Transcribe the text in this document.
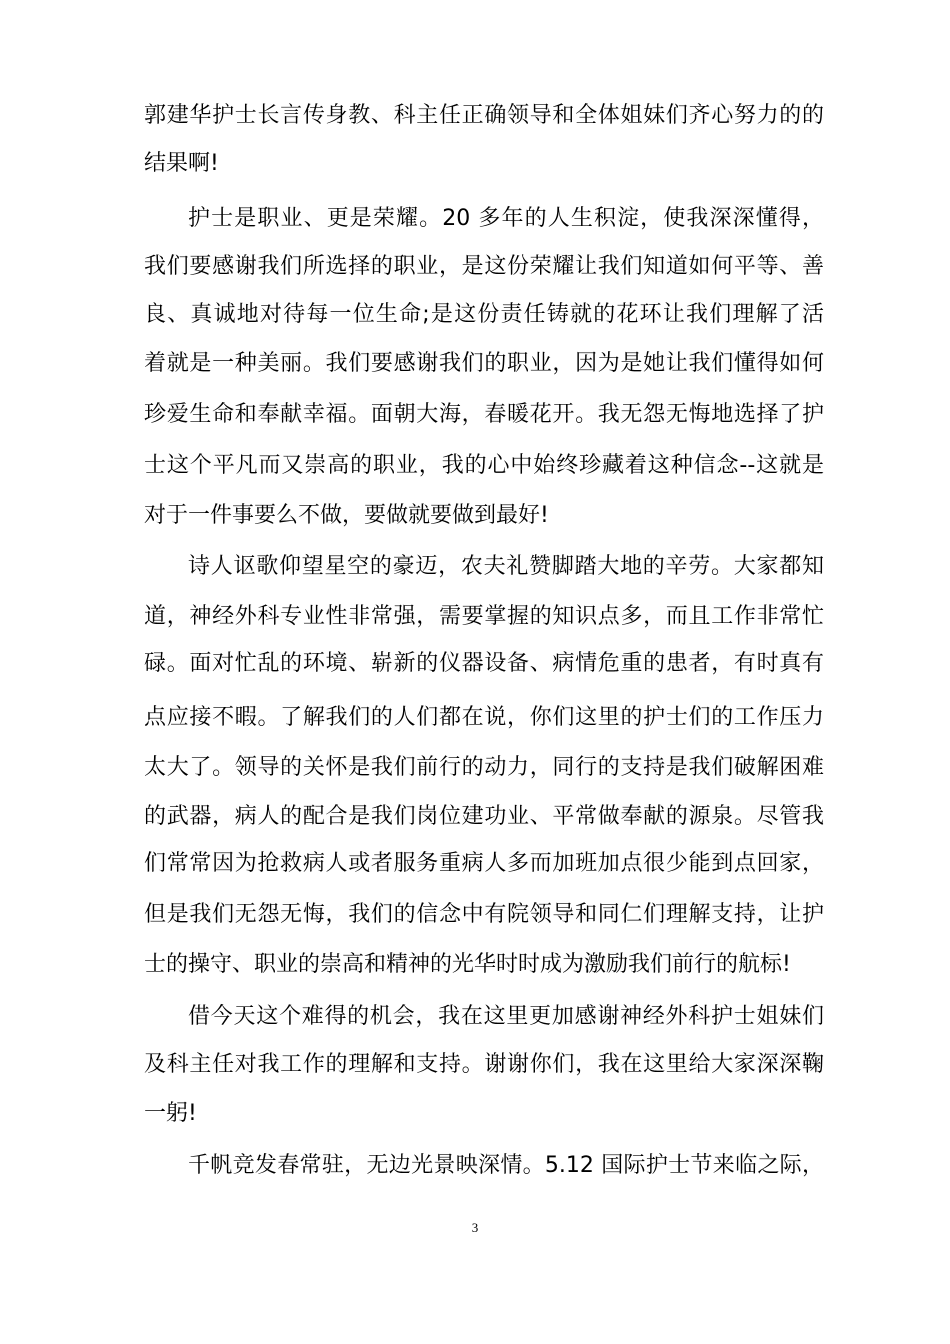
郭建华护士长言传身教、科主任正确领导和全体姐妹们齐心努力的的
结果啊!
护士是职业、更是荣耀。20 多年的人生积淀，使我深深懂得，
我们要感谢我们所选择的职业，是这份荣耀让我们知道如何平等、善
良、真诚地对待每一位生命;是这份责任铸就的花环让我们理解了活
着就是一种美丽。我们要感谢我们的职业，因为是她让我们懂得如何
珍爱生命和奉献幸福。面朝大海，春暖花开。我无怨无悔地选择了护
士这个平凡而又崇高的职业，我的心中始终珍藏着这种信念--这就是
对于一件事要么不做，要做就要做到最好!
诗人讴歌仰望星空的豪迈，农夫礼赞脚踏大地的辛劳。大家都知
道，神经外科专业性非常强，需要掌握的知识点多，而且工作非常忙
碌。面对忙乱的环境、崭新的仪器设备、病情危重的患者，有时真有
点应接不暇。了解我们的人们都在说，你们这里的护士们的工作压力
太大了。领导的关怀是我们前行的动力，同行的支持是我们破解困难
的武器，病人的配合是我们岗位建功业、平常做奉献的源泉。尽管我
们常常因为抢救病人或者服务重病人多而加班加点很少能到点回家，
但是我们无怨无悔，我们的信念中有院领导和同仁们理解支持，让护
士的操守、职业的崇高和精神的光华时时成为激励我们前行的航标!
借今天这个难得的机会，我在这里更加感谢神经外科护士姐妹们
及科主任对我工作的理解和支持。谢谢你们，我在这里给大家深深鞠
一躬!
千帆竞发春常驻，无边光景映深情。5.12 国际护士节来临之际，
3
